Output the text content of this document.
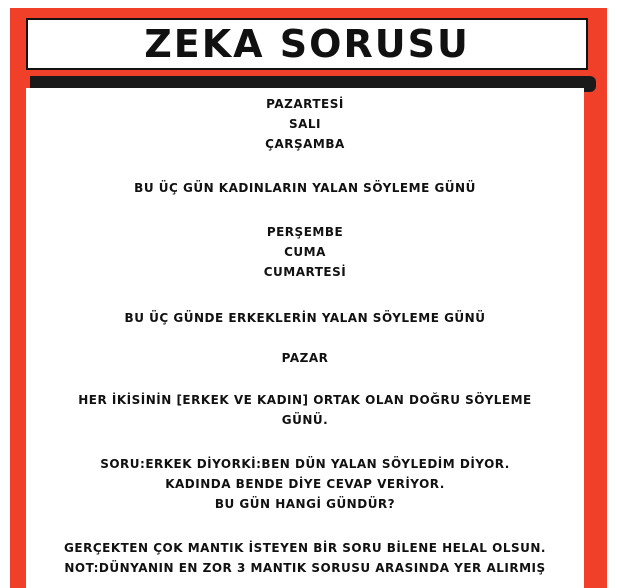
ZEKA SORUSU
PAZARTESİ
SALI
ÇARŞAMBA
BU ÜÇ GÜN KADINLARIN YALAN SÖYLEME GÜNÜ
PERŞEMBE
CUMA
CUMARTESİ
BU ÜÇ GÜNDE ERKEKLERİN YALAN SÖYLEME GÜNÜ
PAZAR
HER İKİSİNİN [ERKEK VE KADIN] ORTAK OLAN DOĞRU SÖYLEME
GÜNÜ.
SORU:ERKEK DİYORKİ:BEN DÜN YALAN SÖYLEDİM DİYOR.
KADINDA BENDE DİYE CEVAP VERİYOR.
BU GÜN HANGİ GÜNDÜR?
GERÇEKTEN ÇOK MANTIK İSTEYEN BİR SORU BİLENE HELAL OLSUN.
NOT:DÜNYANIN EN ZOR 3 MANTIK SORUSU ARASINDA YER ALIRMIŞ
